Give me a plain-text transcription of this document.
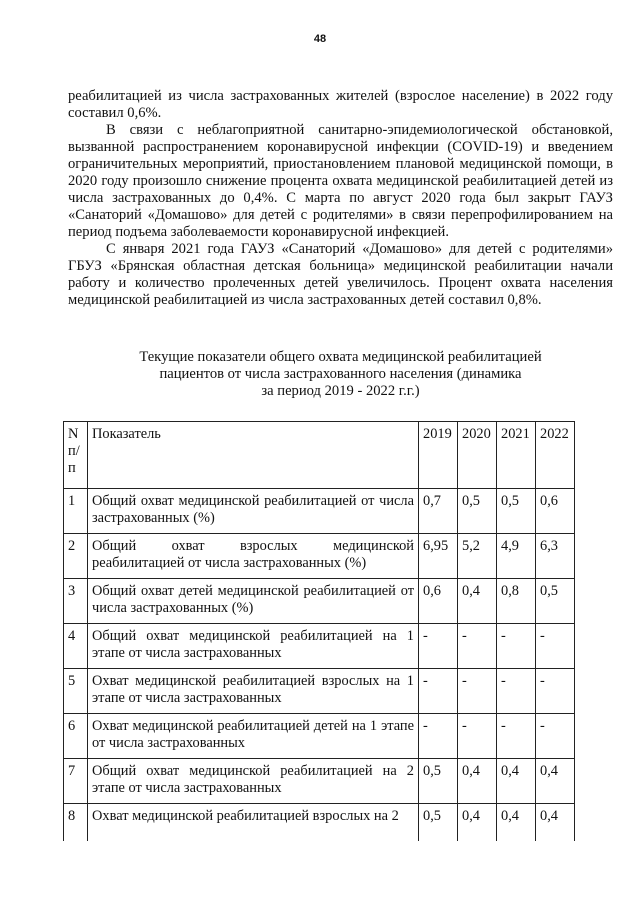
48

реабилитацией из числа застрахованных жителей (взрослое население) в 2022 году составил 0,6%.

В связи с неблагоприятной санитарно-эпидемиологической обстановкой, вызванной распространением коронавирусной инфекции (COVID-19) и введением ограничительных мероприятий, приостановлением плановой медицинской помощи, в 2020 году произошло снижение процента охвата медицинской реабилитацией детей из числа застрахованных до 0,4%. С марта по август 2020 года был закрыт ГАУЗ «Санаторий «Домашово» для детей с родителями» в связи перепрофилированием на период подъема заболеваемости коронавирусной инфекцией.

С января 2021 года ГАУЗ «Санаторий «Домашово» для детей с родителями» ГБУЗ «Брянская областная детская больница» медицинской реабилитации начали работу и количество пролеченных детей увеличилось. Процент охвата населения медицинской реабилитацией из числа застрахованных детей составил 0,8%.

Текущие показатели общего охвата медицинской реабилитацией
пациентов от числа застрахованного населения (динамика
за период 2019 - 2022 г.г.)
N п/ п	Показатель	2019	2020	2021	2022
1	Общий охват медицинской реабилитацией от числа застрахованных (%)	0,7	0,5	0,5	0,6
2	Общий охват взрослых медицинской реабилитацией от числа застрахованных (%)	6,95	5,2	4,9	6,3
3	Общий охват детей медицинской реабилитацией от числа застрахованных (%)	0,6	0,4	0,8	0,5
4	Общий охват медицинской реабилитацией на 1 этапе от числа застрахованных	-	-	-	-
5	Охват медицинской реабилитацией взрослых на 1 этапе от числа застрахованных	-	-	-	-
6	Охват медицинской реабилитацией детей на 1 этапе от числа застрахованных	-	-	-	-
7	Общий охват медицинской реабилитацией на 2 этапе от числа застрахованных	0,5	0,4	0,4	0,4
8	Охват медицинской реабилитацией взрослых на 2	0,5	0,4	0,4	0,4
